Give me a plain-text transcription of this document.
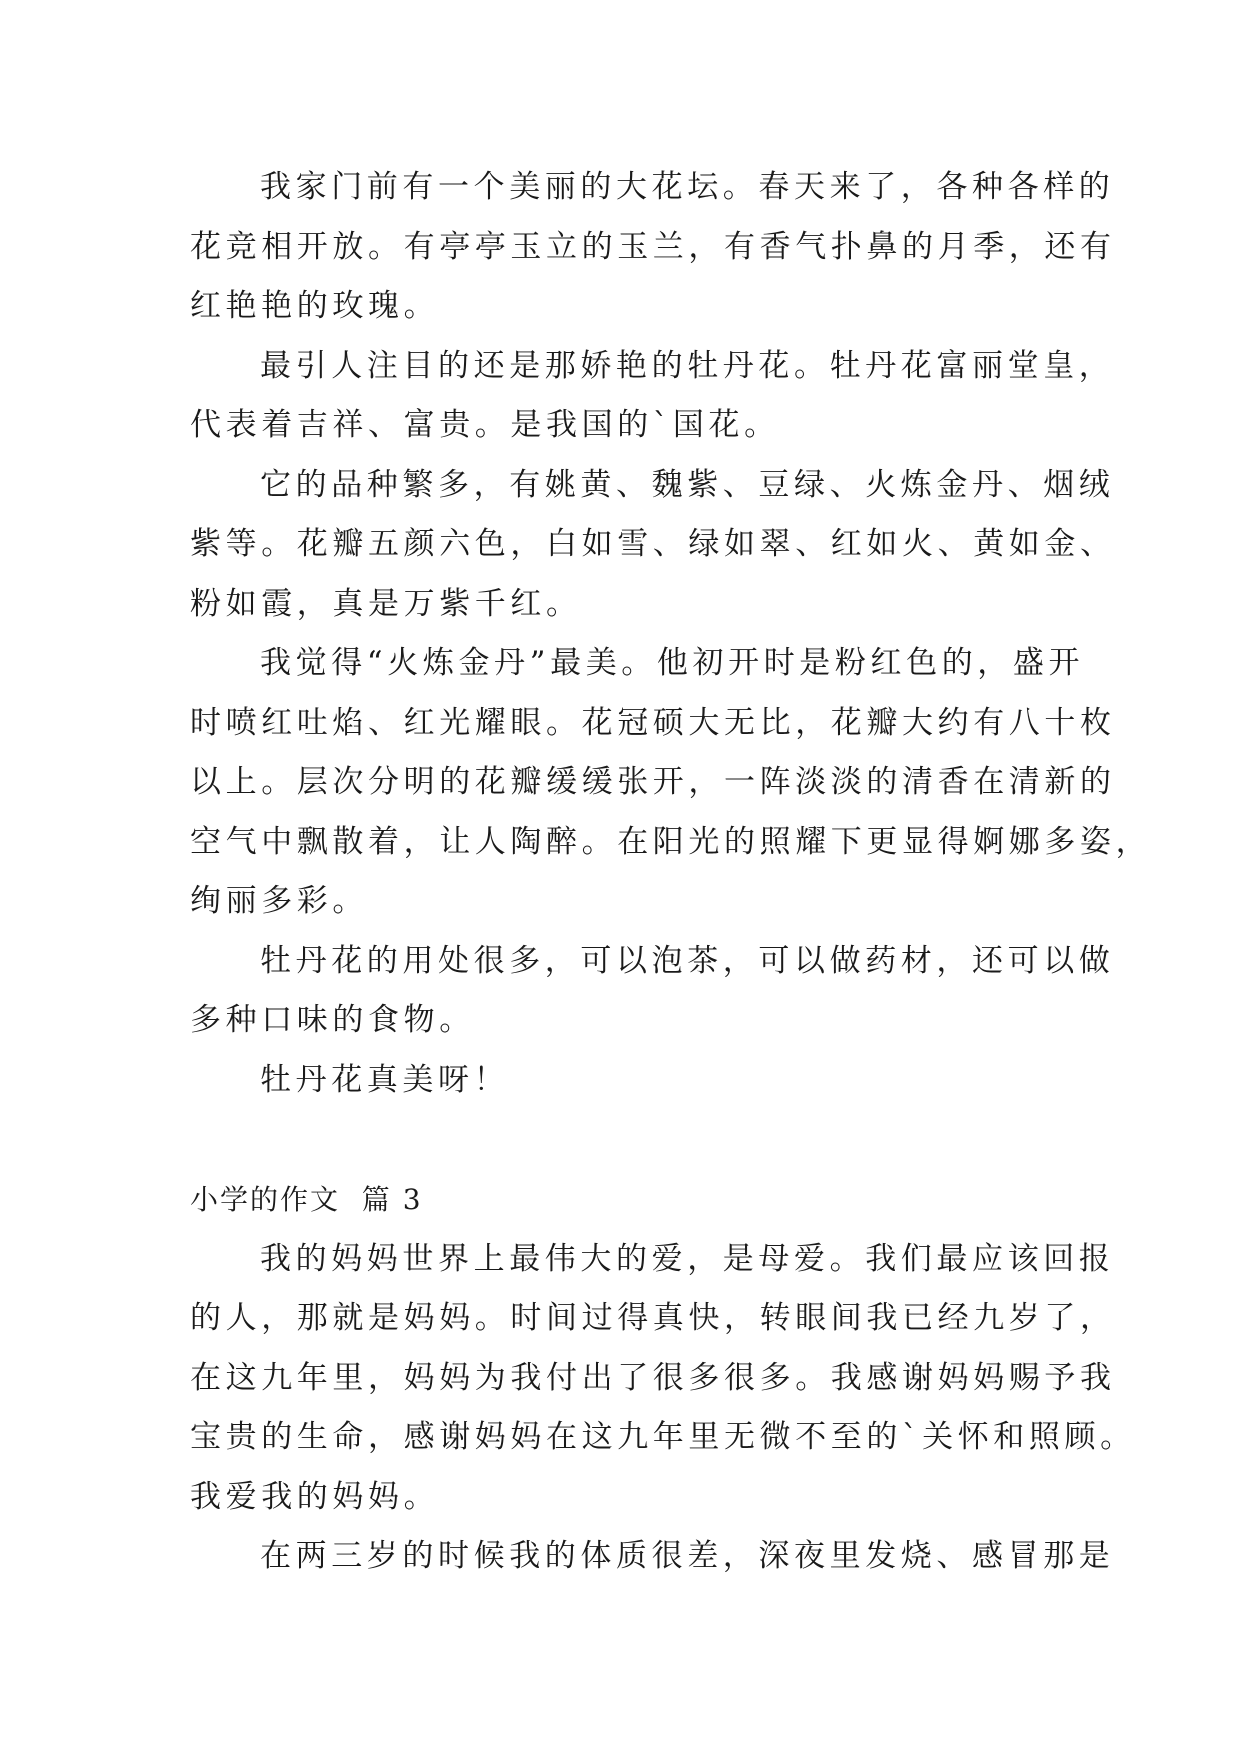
我家门前有一个美丽的大花坛。春天来了，各种各样的
花竞相开放。有亭亭玉立的玉兰，有香气扑鼻的月季，还有
红艳艳的玫瑰。

最引人注目的还是那娇艳的牡丹花。牡丹花富丽堂皇，
代表着吉祥、富贵。是我国的`国花。

它的品种繁多，有姚黄、魏紫、豆绿、火炼金丹、烟绒
紫等。花瓣五颜六色，白如雪、绿如翠、红如火、黄如金、
粉如霞，真是万紫千红。

我觉得“火炼金丹”最美。他初开时是粉红色的，盛开
时喷红吐焰、红光耀眼。花冠硕大无比，花瓣大约有八十枚
以上。层次分明的花瓣缓缓张开，一阵淡淡的清香在清新的
空气中飘散着，让人陶醉。在阳光的照耀下更显得婀娜多姿，
绚丽多彩。

牡丹花的用处很多，可以泡茶，可以做药材，还可以做
多种口味的食物。

牡丹花真美呀！

小学的作文  篇 3

我的妈妈世界上最伟大的爱，是母爱。我们最应该回报
的人，那就是妈妈。时间过得真快，转眼间我已经九岁了，
在这九年里，妈妈为我付出了很多很多。我感谢妈妈赐予我
宝贵的生命，感谢妈妈在这九年里无微不至的`关怀和照顾。
我爱我的妈妈。

在两三岁的时候我的体质很差，深夜里发烧、感冒那是
